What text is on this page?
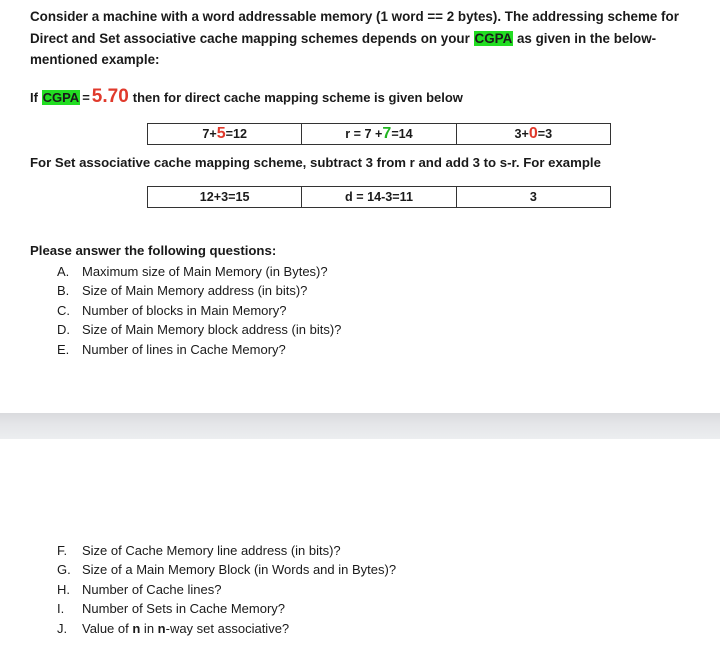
Consider a machine with a word addressable memory (1 word == 2 bytes). The addressing scheme for Direct and Set associative cache mapping schemes depends on your CGPA as given in the below-mentioned example:
If CGPA = 5.70 then for direct cache mapping scheme is given below
7+5=12	r = 7 +7=14	3+0=3
For Set associative cache mapping scheme, subtract 3 from r and add 3 to s-r. For example
12+3=15	d = 14-3=11	3
Please answer the following questions:
A. Maximum size of Main Memory (in Bytes)?
B. Size of Main Memory address (in bits)?
C. Number of blocks in Main Memory?
D. Size of Main Memory block address (in bits)?
E. Number of lines in Cache Memory?
F.	Size of Cache Memory line address (in bits)?
G. Size of a Main Memory Block (in Words and in Bytes)?
H. Number of Cache lines?
I.	Number of Sets in Cache Memory?
J.	Value of n in n-way set associative?
